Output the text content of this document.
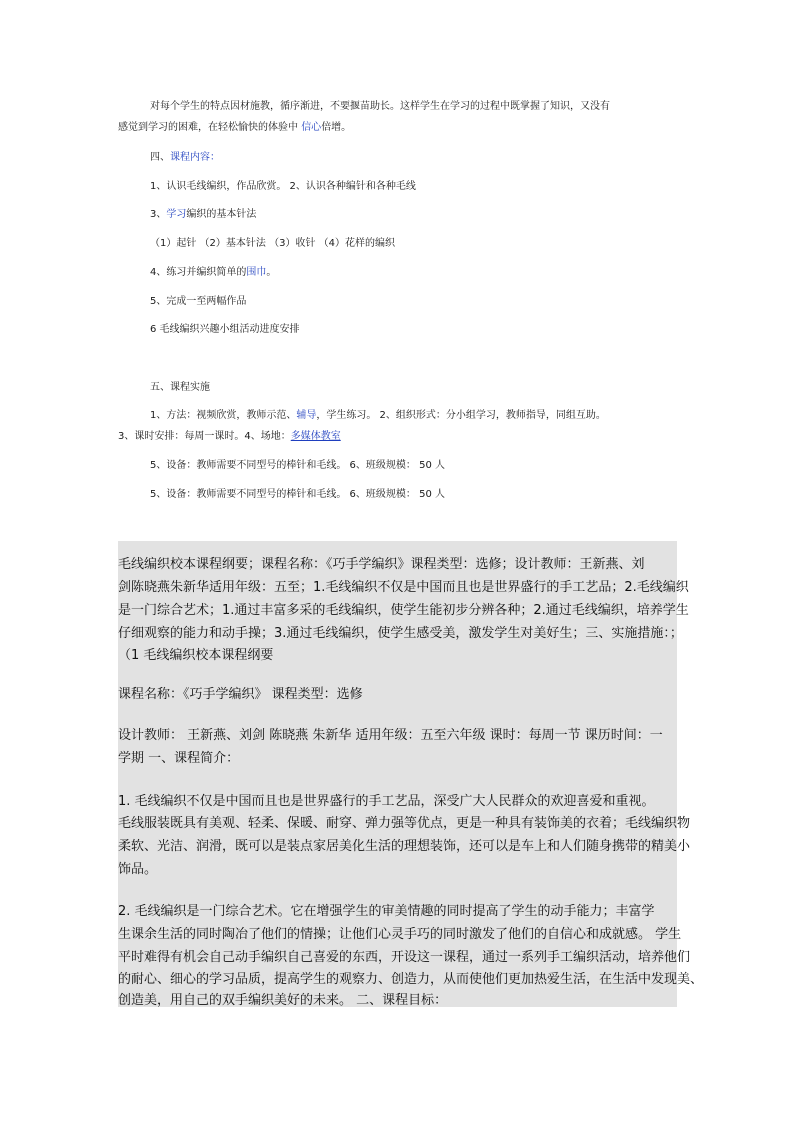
对每个学生的特点因材施教，循序渐进，不要揠苗助长。这样学生在学习的过程中既掌握了知识，又没有
感觉到学习的困难，在轻松愉快的体验中 信心倍增。
四、课程内容：
1、认识毛线编织，作品欣赏。 2、认识各种编针和各种毛线
3、学习编织的基本针法
（1）起针 （2）基本针法 （3）收针 （4）花样的编织
4、练习并编织简单的围巾。
5、完成一至两幅作品
6 毛线编织兴趣小组活动进度安排
五、课程实施
1、方法：视频欣赏，教师示范、辅导，学生练习。 2、组织形式：分小组学习，教师指导，同组互助。
3、课时安排：每周一课时。4、场地：多媒体教室
5、设备：教师需要不同型号的棒针和毛线。 6、班级规模： 50 人
5、设备：教师需要不同型号的棒针和毛线。 6、班级规模： 50 人
毛线编织校本课程纲要；课程名称：《巧手学编织》课程类型：选修；设计教师：王新燕、刘
剑陈晓燕朱新华适用年级：五至；1.毛线编织不仅是中国而且也是世界盛行的手工艺品；2.毛线编织
是一门综合艺术；1.通过丰富多采的毛线编织，使学生能初步分辨各种；2.通过毛线编织，培养学生
仔细观察的能力和动手操；3.通过毛线编织，使学生感受美，激发学生对美好生；三、实施措施：；
（1 毛线编织校本课程纲要
课程名称：《巧手学编织》 课程类型：选修
设计教师： 王新燕、刘剑 陈晓燕 朱新华 适用年级：五至六年级 课时：每周一节 课历时间：一
学期 一、课程简介：
1. 毛线编织不仅是中国而且也是世界盛行的手工艺品，深受广大人民群众的欢迎喜爱和重视。
毛线服装既具有美观、轻柔、保暖、耐穿、弹力强等优点，更是一种具有装饰美的衣着；毛线编织物
柔软、光洁、润滑，既可以是装点家居美化生活的理想装饰，还可以是车上和人们随身携带的精美小
饰品。
2. 毛线编织是一门综合艺术。它在增强学生的审美情趣的同时提高了学生的动手能力；丰富学
生课余生活的同时陶冶了他们的情操；让他们心灵手巧的同时激发了他们的自信心和成就感。 学生
平时难得有机会自己动手编织自己喜爱的东西，开设这一课程，通过一系列手工编织活动，培养他们
的耐心、细心的学习品质，提高学生的观察力、创造力，从而使他们更加热爱生活，在生活中发现美、
创造美，用自己的双手编织美好的未来。 二、课程目标：
